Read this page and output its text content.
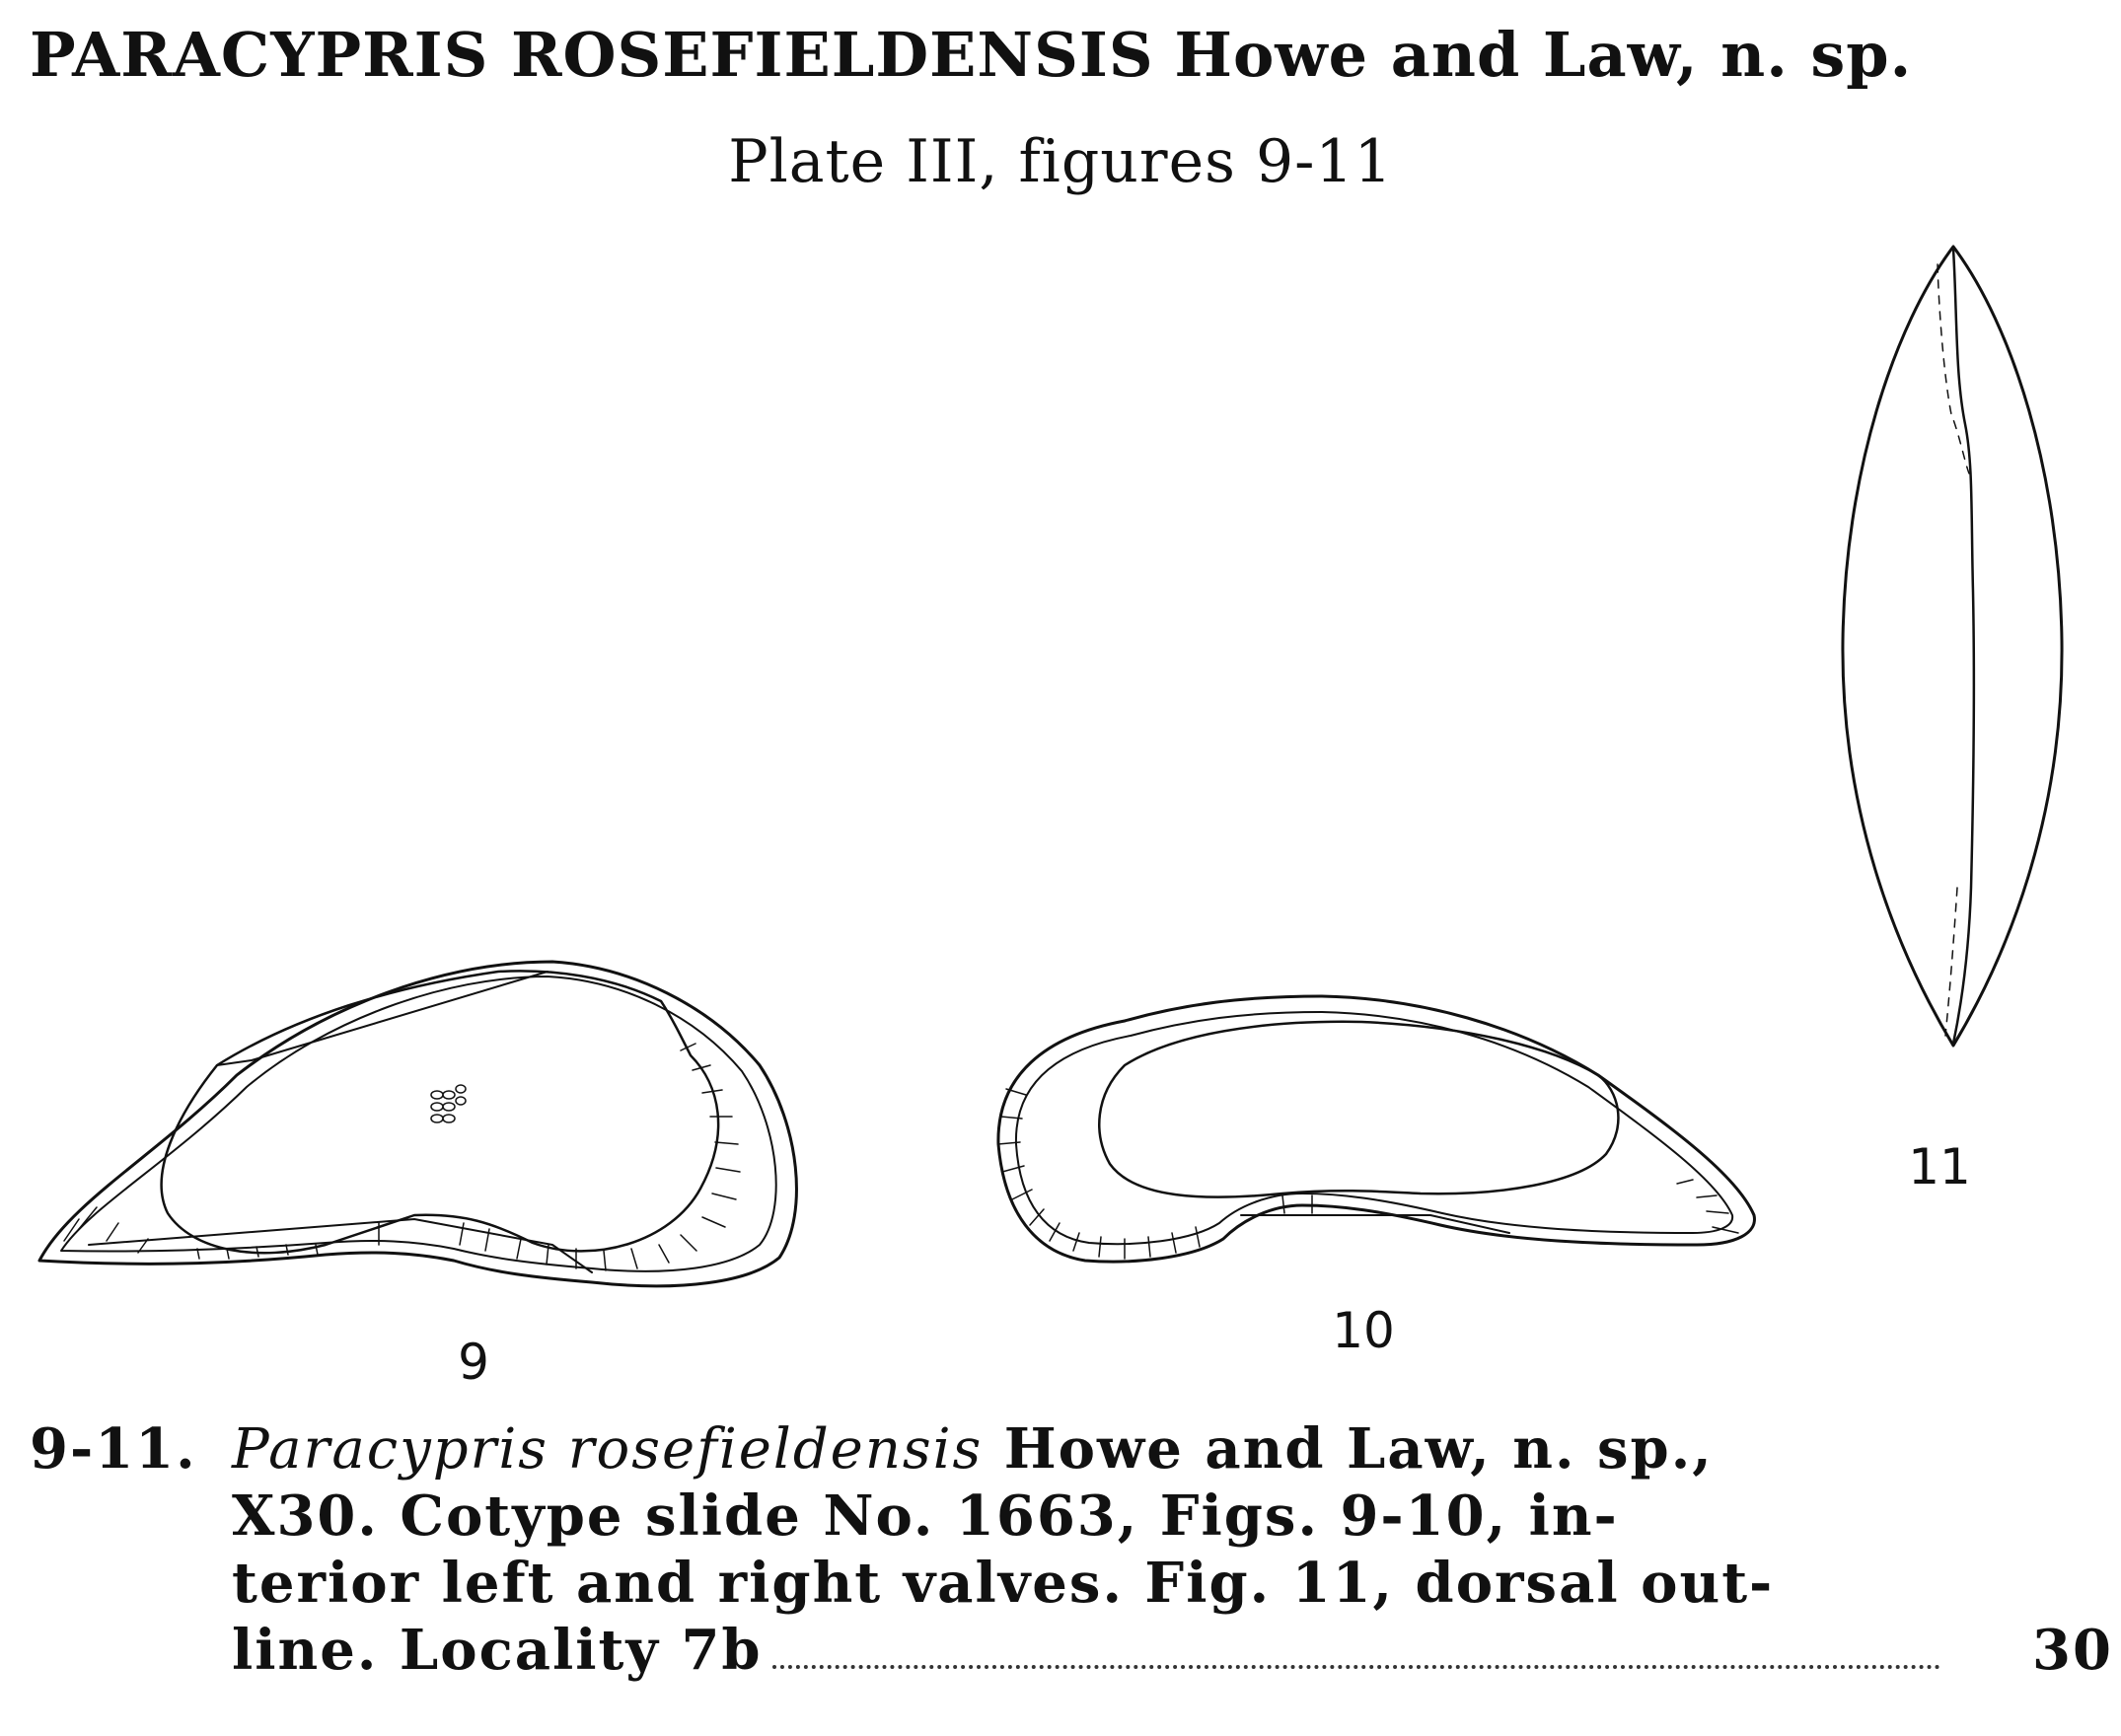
PARACYPRIS ROSEFIELDENSIS Howe and Law, n. sp.
Plate III, figures 9-11
9
10
11
9-11. Paracypris rosefieldensis Howe and Law, n. sp.,
X30. Cotype slide No. 1663, Figs. 9-10, in-
terior left and right valves. Fig. 11, dorsal out-
line. Locality 7b	30
